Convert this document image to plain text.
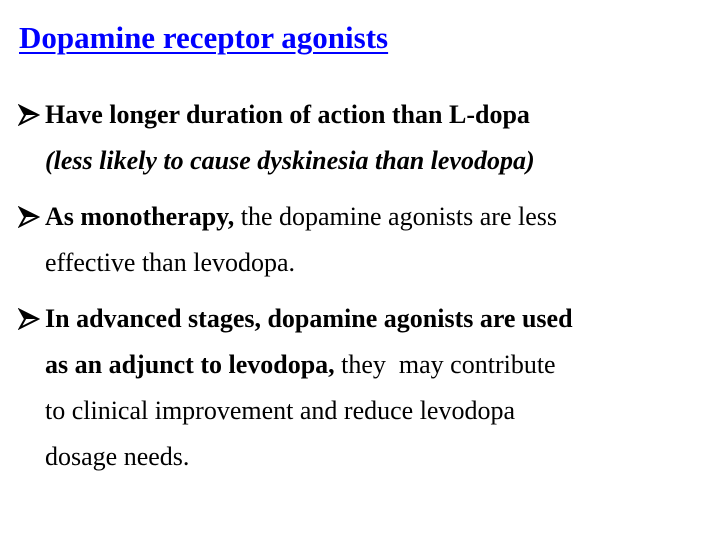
Dopamine receptor agonists
Have longer duration of action than L-dopa
(less likely to cause dyskinesia than levodopa)
As monotherapy, the dopamine agonists are less
effective than levodopa.
In advanced stages, dopamine agonists are used
as an adjunct to levodopa, they  may contribute
to clinical improvement and reduce levodopa
dosage needs.
